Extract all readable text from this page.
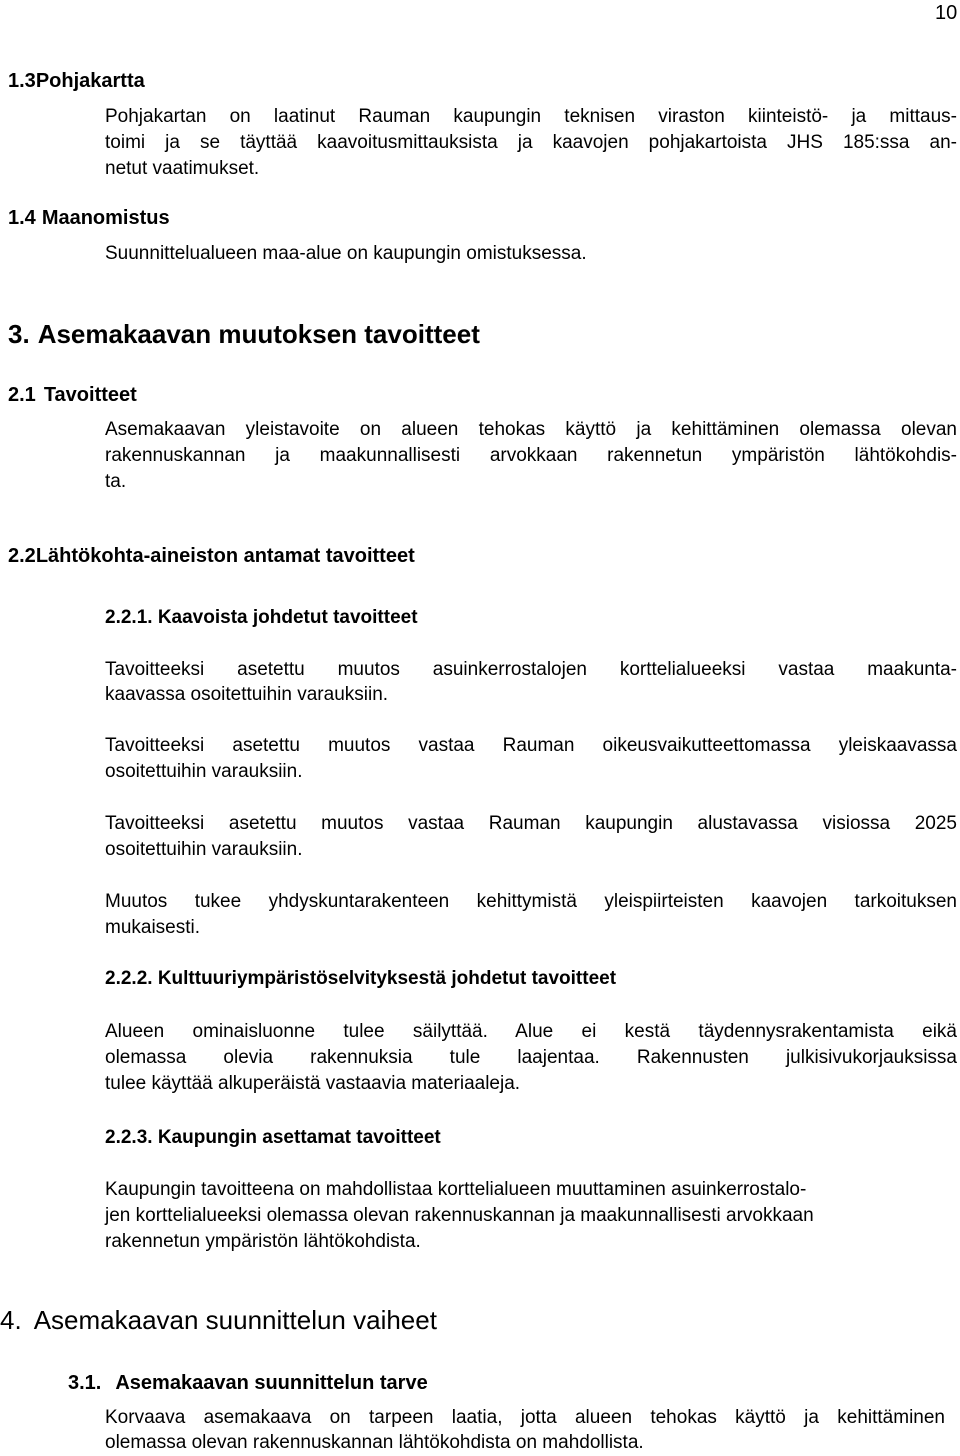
10
1.3Pohjakartta
Pohjakartan on laatinut Rauman kaupungin teknisen viraston kiinteistö- ja mittaus-
toimi ja se täyttää kaavoitusmittauksista ja kaavojen pohjakartoista JHS 185:ssa an-
netut vaatimukset.
1.4 Maanomistus
Suunnittelualueen maa-alue on kaupungin omistuksessa.
3. Asemakaavan muutoksen tavoitteet
2.1 Tavoitteet
Asemakaavan yleistavoite on alueen tehokas käyttö ja kehittäminen olemassa olevan
rakennuskannan ja maakunnallisesti arvokkaan rakennetun ympäristön lähtökohdis-
ta.
2.2Lähtökohta-aineiston antamat tavoitteet
2.2.1. Kaavoista johdetut tavoitteet
Tavoitteeksi asetettu muutos asuinkerrostalojen korttelialueeksi vastaa maakunta-
kaavassa osoitettuihin varauksiin.
Tavoitteeksi asetettu muutos vastaa Rauman oikeusvaikutteettomassa yleiskaavassa
osoitettuihin varauksiin.
Tavoitteeksi asetettu muutos vastaa Rauman kaupungin alustavassa visiossa 2025
osoitettuihin varauksiin.
Muutos tukee yhdyskuntarakenteen kehittymistä yleispiirteisten kaavojen tarkoituksen
mukaisesti.
2.2.2. Kulttuuriympäristöselvityksestä johdetut tavoitteet
Alueen ominaisluonne tulee säilyttää. Alue ei kestä täydennysrakentamista eikä
olemassa olevia rakennuksia tule laajentaa. Rakennusten julkisivukorjauksissa
tulee käyttää alkuperäistä vastaavia materiaaleja.
2.2.3. Kaupungin asettamat tavoitteet
Kaupungin tavoitteena on mahdollistaa korttelialueen muuttaminen asuinkerrostalo-
jen korttelialueeksi olemassa olevan rakennuskannan ja maakunnallisesti arvokkaan
rakennetun ympäristön lähtökohdista.
4. Asemakaavan suunnittelun vaiheet
3.1. Asemakaavan suunnittelun tarve
Korvaava asemakaava on tarpeen laatia, jotta alueen tehokas käyttö ja kehittäminen
olemassa olevan rakennuskannan lähtökohdista on mahdollista.
